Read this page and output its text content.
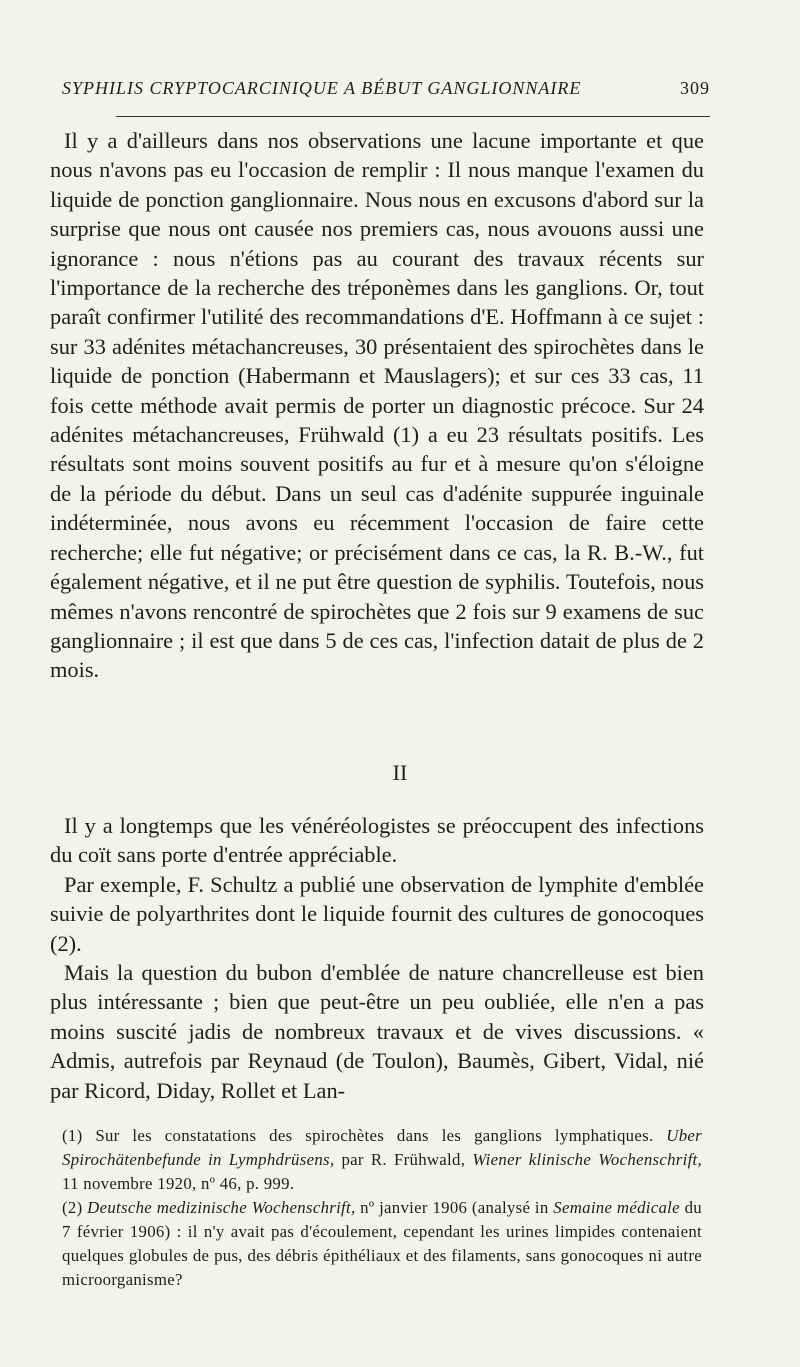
SYPHILIS CRYPTOCARCINIQUE A BÉBUT GANGLIONNAIRE	309

Il y a d'ailleurs dans nos observations une lacune importante et que nous n'avons pas eu l'occasion de remplir : Il nous manque l'examen du liquide de ponction ganglionnaire. Nous nous en excusons d'abord sur la surprise que nous ont causée nos premiers cas, nous avouons aussi une ignorance : nous n'étions pas au courant des travaux récents sur l'importance de la recherche des tréponèmes dans les ganglions. Or, tout paraît confirmer l'utilité des recommandations d'E. Hoffmann à ce sujet : sur 33 adénites métachancreuses, 30 présentaient des spirochètes dans le liquide de ponction (Habermann et Mauslagers); et sur ces 33 cas, 11 fois cette méthode avait permis de porter un diagnostic précoce. Sur 24 adénites métachancreuses, Frühwald (1) a eu 23 résultats positifs. Les résultats sont moins souvent positifs au fur et à mesure qu'on s'éloigne de la période du début. Dans un seul cas d'adénite suppurée inguinale indéterminée, nous avons eu récemment l'occasion de faire cette recherche; elle fut négative; or précisément dans ce cas, la R. B.-W., fut également négative, et il ne put être question de syphilis. Toutefois, nous mêmes n'avons rencontré de spirochètes que 2 fois sur 9 examens de suc ganglionnaire ; il est que dans 5 de ces cas, l'infection datait de plus de 2 mois.

II

Il y a longtemps que les vénéréologistes se préoccupent des infections du coït sans porte d'entrée appréciable.

Par exemple, F. Schultz a publié une observation de lymphite d'emblée suivie de polyarthrites dont le liquide fournit des cultures de gonocoques (2).

Mais la question du bubon d'emblée de nature chancrelleuse est bien plus intéressante ; bien que peut-être un peu oubliée, elle n'en a pas moins suscité jadis de nombreux travaux et de vives discussions. « Admis, autrefois par Reynaud (de Toulon), Baumès, Gibert, Vidal, nié par Ricord, Diday, Rollet et Lan-

(1) Sur les constatations des spirochètes dans les ganglions lymphatiques. Uber Spirochätenbefunde in Lymphdrüsens, par R. Frühwald, Wiener klinische Wochenschrift, 11 novembre 1920, nº 46, p. 999.

(2) Deutsche medizinische Wochenschrift, nº janvier 1906 (analysé in Semaine médicale du 7 février 1906) : il n'y avait pas d'écoulement, cependant les urines limpides contenaient quelques globules de pus, des débris épithéliaux et des filaments, sans gonocoques ni autre microorganisme?
